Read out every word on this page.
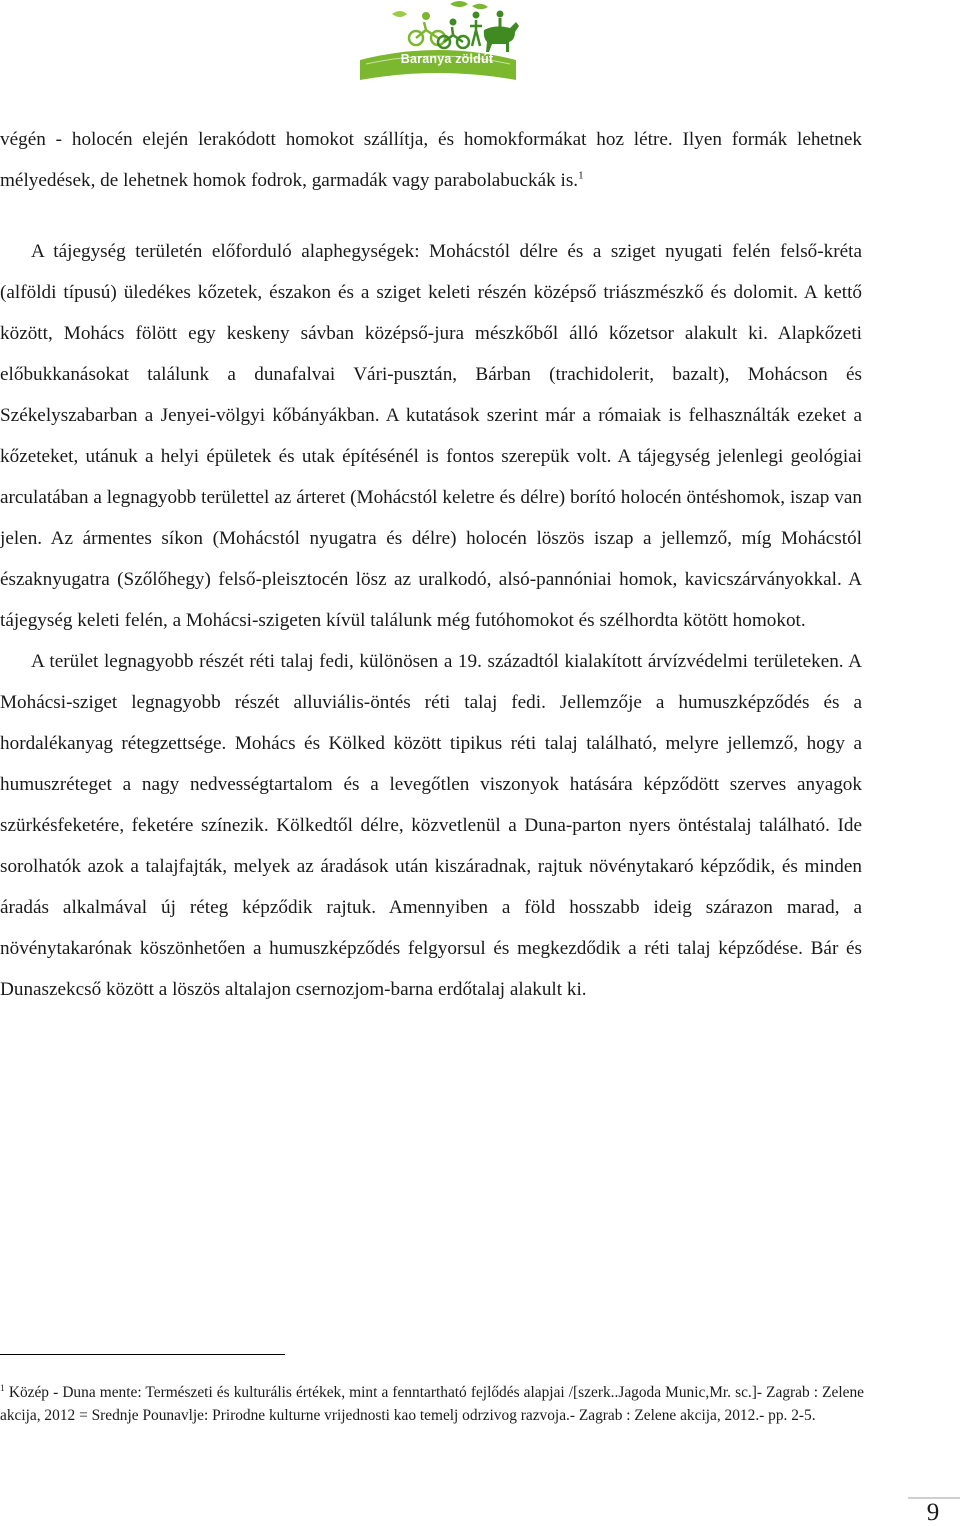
Baranya zöldút

végén - holocén elején lerakódott homokot szállítja, és homokformákat hoz létre. Ilyen formák lehetnek mélyedések, de lehetnek homok fodrok, garmadák vagy parabolabuckák is.$^1$

A tájegység területén előforduló alaphegységek: Mohácstól délre és a sziget nyugati felén felső-kréta (alföldi típusú) üledékes kőzetek, északon és a sziget keleti részén középső triászmészkő és dolomit. A kettő között, Mohács fölött egy keskeny sávban középső-jura mészkőből álló kőzetsor alakult ki. Alapkőzeti előbukkanásokat találunk a dunafalvai Vári-pusztán, Bárban (trachidolerit, bazalt), Mohácson és Székelyszabarban a Jenyei-völgyi kőbányákban. A kutatások szerint már a rómaiak is felhasználták ezeket a kőzeteket, utánuk a helyi épületek és utak építésénél is fontos szerepük volt. A tájegység jelenlegi geológiai arculatában a legnagyobb területtel az árteret (Mohácstól keletre és délre) borító holocén öntéshomok, iszap van jelen. Az ármentes síkon (Mohácstól nyugatra és délre) holocén löszös iszap a jellemző, míg Mohácstól északnyugatra (Szőlőhegy) felső-pleisztocén lösz az uralkodó, alsó-pannóniai homok, kavicszárványokkal. A tájegység keleti felén, a Mohácsi-szigeten kívül találunk még futóhomokot és szélhordta kötött homokot.

A terület legnagyobb részét réti talaj fedi, különösen a 19. századtól kialakított árvízvédelmi területeken. A Mohácsi-sziget legnagyobb részét alluviális-öntés réti talaj fedi. Jellemzője a humuszképződés és a hordalékanyag rétegzettsége. Mohács és Kölked között tipikus réti talaj található, melyre jellemző, hogy a humuszréteget a nagy nedvességtartalom és a levegőtlen viszonyok hatására képződött szerves anyagok szürkésfeketére, feketére színezik. Kölkedtől délre, közvetlenül a Duna-parton nyers öntéstalaj található. Ide sorolhatók azok a talajfajták, melyek az áradások után kiszáradnak, rajtuk növénytakaró képződik, és minden áradás alkalmával új réteg képződik rajtuk. Amennyiben a föld hosszabb ideig szárazon marad, a növénytakarónak köszönhetően a humuszképződés felgyorsul és megkezdődik a réti talaj képződése. Bár és Dunaszekcső között a löszös altalajon csernozjom-barna erdőtalaj alakult ki.

$^1$ Közép - Duna mente: Természeti és kulturális értékek, mint a fenntartható fejlődés alapjai /[szerk..Jagoda Munic,Mr. sc.]- Zagrab : Zelene akcija, 2012 = Srednje Pounavlje: Prirodne kulturne vrijednosti kao temelj odrzivog razvoja.- Zagrab : Zelene akcija, 2012.- pp. 2-5.

9
